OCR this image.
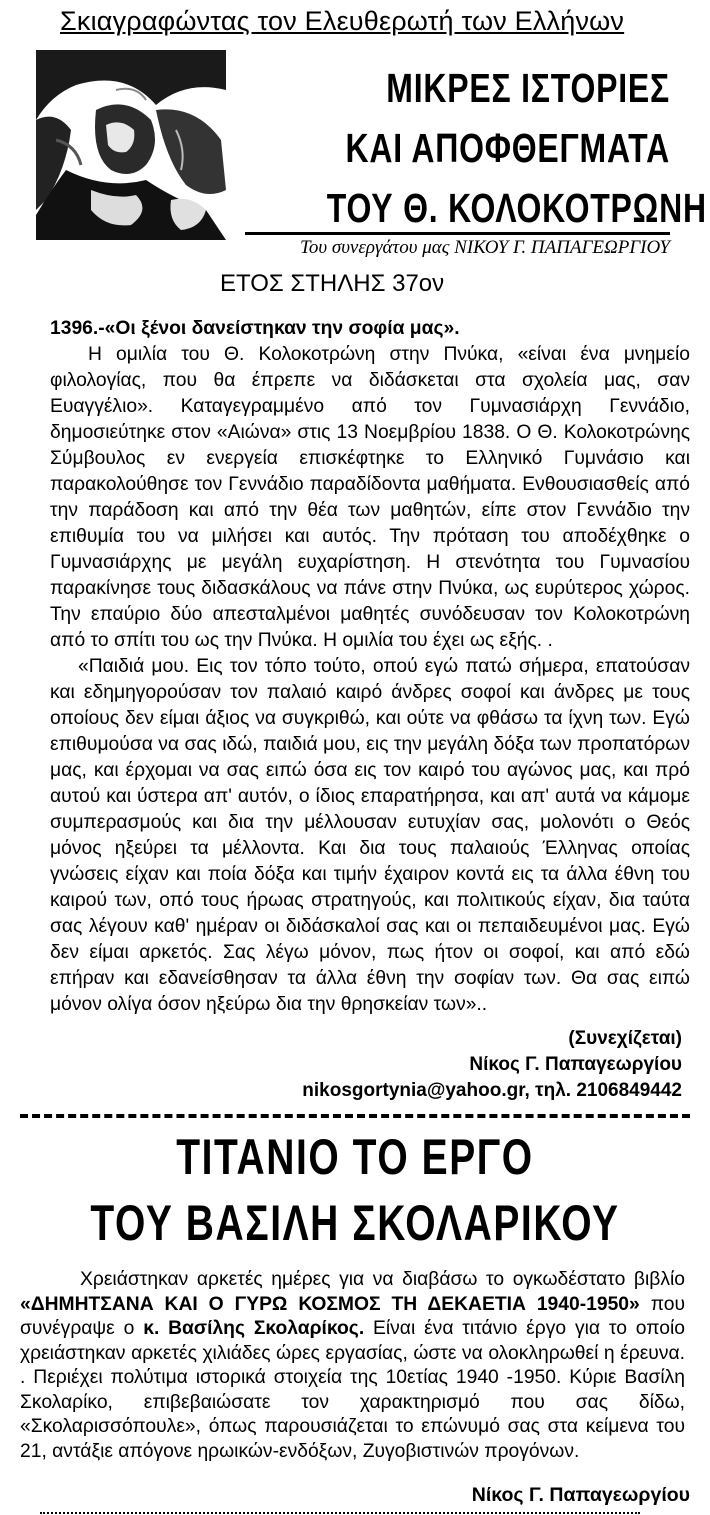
Σκιαγραφώντας τον Ελευθερωτή των Ελλήνων
ΜΙΚΡΕΣ ΙΣΤΟΡΙΕΣ
ΚΑΙ ΑΠΟΦΘΕΓΜΑΤΑ
ΤΟΥ Θ. ΚΟΛΟΚΟΤΡΩΝΗ
Του συνεργάτου μας ΝΙΚΟΥ Γ. ΠΑΠΑΓΕΩΡΓΙΟΥ
ΕΤΟΣ ΣΤΗΛΗΣ 37ον

1396.-«Οι ξένοι δανείστηκαν την σοφία μας».

Η ομιλία του Θ. Κολοκοτρώνη στην Πνύκα, «είναι ένα μνημείο φιλολογίας, που θα έπρεπε να διδάσκεται στα σχολεία μας, σαν Ευαγγέλιο». Καταγεγραμμένο από τον Γυμνασιάρχη Γεννάδιο, δημοσιεύτηκε στον «Αιώνα» στις 13 Νοεμβρίου 1838. Ο Θ. Κολοκοτρώνης Σύμβουλος εν ενεργεία επισκέφτηκε το Ελληνικό Γυμνάσιο και παρακολούθησε τον Γεννάδιο παραδίδοντα μαθήματα. Ενθουσιασθείς από την παράδοση και από την θέα των μαθητών, είπε στον Γεννάδιο την επιθυμία του να μιλήσει και αυτός. Την πρόταση του αποδέχθηκε ο Γυμνασιάρχης με μεγάλη ευχαρίστηση. Η στενότητα του Γυμνασίου παρακίνησε τους διδασκάλους να πάνε στην Πνύκα, ως ευρύτερος χώρος. Την επαύριο δύο απεσταλμένοι μαθητές συνόδευσαν τον Κολοκοτρώνη από το σπίτι του ως την Πνύκα. Η ομιλία του έχει ως εξής. .

«Παιδιά μου. Εις τον τόπο τούτο, οπού εγώ πατώ σήμερα, επατούσαν και εδημηγορούσαν τον παλαιό καιρό άνδρες σοφοί και άνδρες με τους οποίους δεν είμαι άξιος να συγκριθώ, και ούτε να φθάσω τα ίχνη των. Εγώ επιθυμούσα να σας ιδώ, παιδιά μου, εις την μεγάλη δόξα των προπατόρων μας, και έρχομαι να σας ειπώ όσα εις τον καιρό του αγώνος μας, και πρό αυτού και ύστερα απ' αυτόν, ο ίδιος επαρατήρησα, και απ' αυτά να κάμομε συμπερασμούς και δια την μέλλουσαν ευτυχίαν σας, μολονότι ο Θεός μόνος ηξεύρει τα μέλλοντα. Και δια τους παλαιούς Έλληνας οποίας γνώσεις είχαν και ποία δόξα και τιμήν έχαιρον κοντά εις τα άλλα έθνη του καιρού των, οπό τους ήρωας στρατηγούς, και πολιτικούς είχαν, δια ταύτα σας λέγουν καθ' ημέραν οι διδάσκαλοί σας και οι πεπαιδευμένοι μας. Εγώ δεν είμαι αρκετός. Σας λέγω μόνον, πως ήτον οι σοφοί, και από εδώ επήραν και εδανείσθησαν τα άλλα έθνη την σοφίαν των. Θα σας ειπώ μόνον ολίγα όσον ηξεύρω δια την θρησκείαν των»..

(Συνεχίζεται)
Νίκος Γ. Παπαγεωργίου
nikosgortynia@yahoo.gr, τηλ. 2106849442
ΤΙΤΑΝΙΟ ΤΟ ΕΡΓΟ
ΤΟΥ ΒΑΣΙΛΗ ΣΚΟΛΑΡΙΚΟΥ

Χρειάστηκαν αρκετές ημέρες για να διαβάσω το ογκωδέστατο βιβλίο «ΔΗΜΗΤΣΑΝΑ ΚΑΙ Ο ΓΥΡΩ ΚΟΣΜΟΣ ΤΗ ΔΕΚΑΕΤΙΑ 1940-1950» που συνέγραψε ο κ. Βασίλης Σκολαρίκος. Είναι ένα τιτάνιο έργο για το οποίο χρειάστηκαν αρκετές χιλιάδες ώρες εργασίας, ώστε να ολοκληρωθεί η έρευνα. . Περιέχει πολύτιμα ιστορικά στοιχεία της 10ετίας 1940 -1950. Κύριε Βασίλη Σκολαρίκο, επιβεβαιώσατε τον χαρακτηρισμό που σας δίδω, «Σκολαρισσόπουλε», όπως παρουσιάζεται το επώνυμό σας στα κείμενα του 21, αντάξιε απόγονε ηρωικών-ενδόξων, Ζυγοβιστινών προγόνων.

Νίκος Γ. Παπαγεωργίου
